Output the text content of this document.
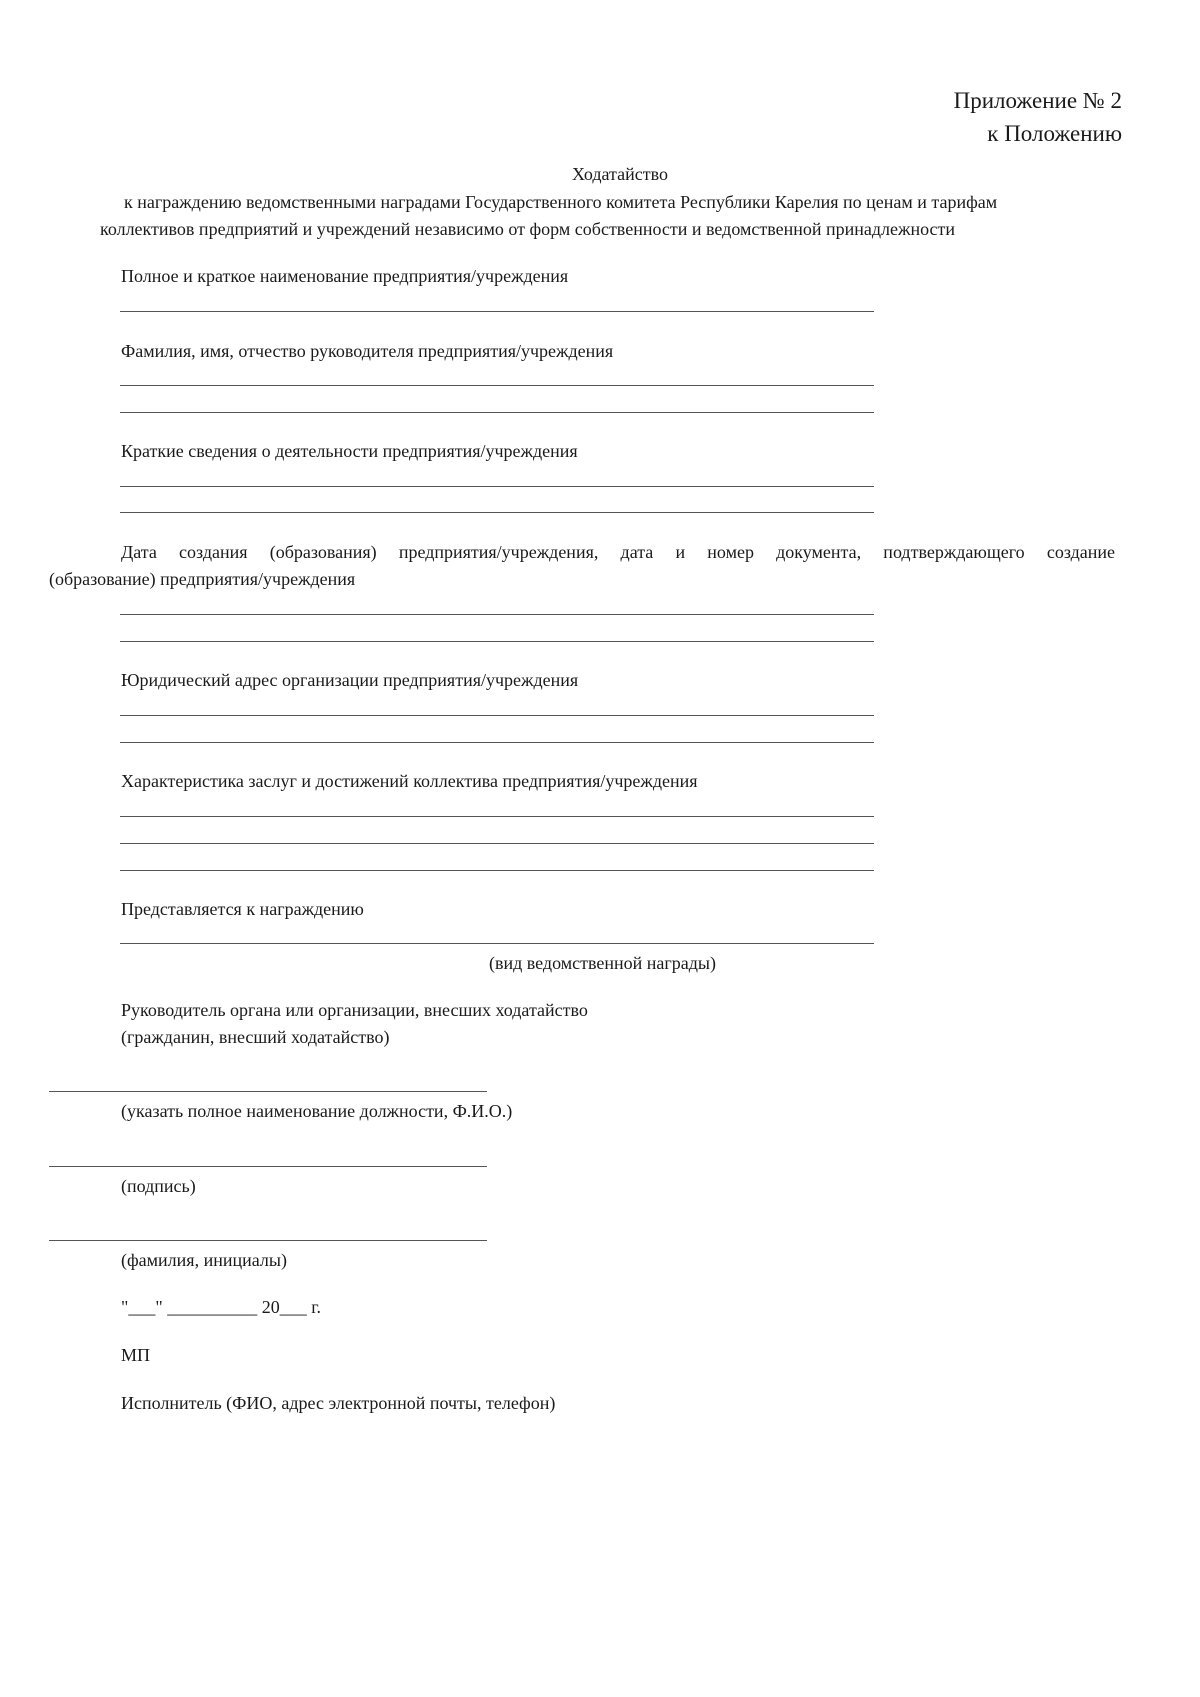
Приложение № 2
к Положению
Ходатайство
к награждению ведомственными наградами Государственного комитета Республики Карелия по ценам и тарифам
коллективов предприятий и учреждений независимо от форм собственности и ведомственной принадлежности
Полное и краткое наименование предприятия/учреждения
Фамилия, имя, отчество руководителя предприятия/учреждения
Краткие сведения о деятельности предприятия/учреждения
Дата создания (образования) предприятия/учреждения, дата и номер документа, подтверждающего создание
(образование) предприятия/учреждения
Юридический адрес организации предприятия/учреждения
Характеристика заслуг и достижений коллектива предприятия/учреждения
Представляется к награждению
(вид ведомственной награды)
Руководитель органа или организации, внесших ходатайство
(гражданин, внесший ходатайство)
(указать полное наименование должности, Ф.И.О.)
(подпись)
(фамилия, инициалы)
"___" __________ 20___ г.
МП
Исполнитель (ФИО, адрес электронной почты, телефон)
